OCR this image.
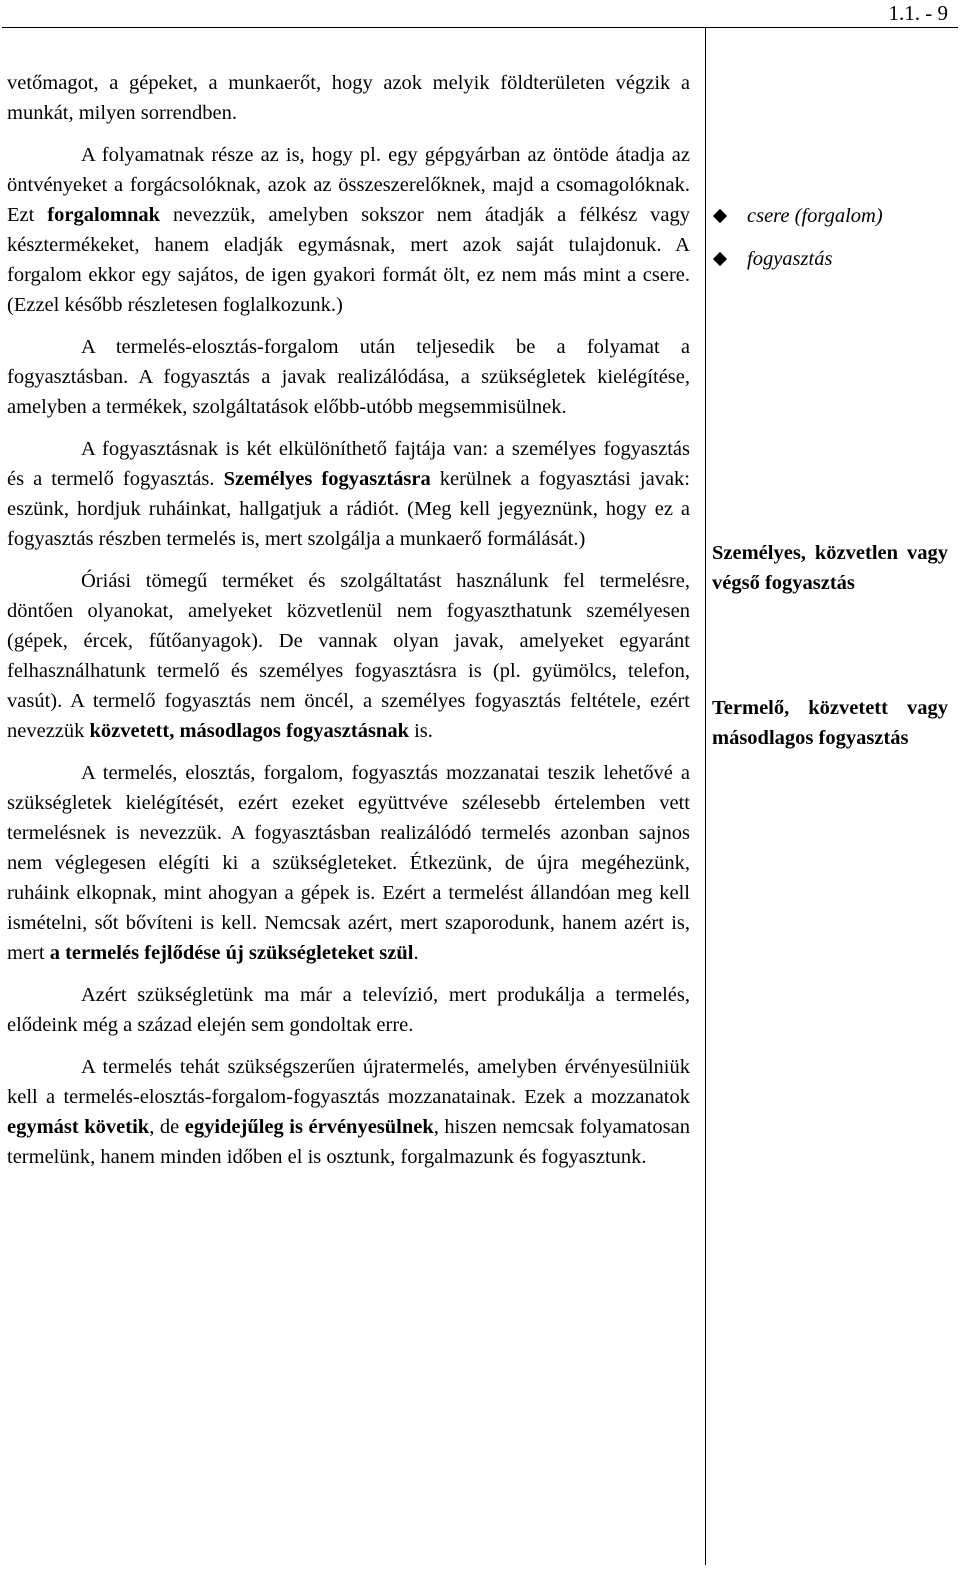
1.1. - 9

vetőmagot, a gépeket, a munkaerőt, hogy azok melyik földterületen végzik a munkát, milyen sorrendben.

A folyamatnak része az is, hogy pl. egy gépgyárban az öntöde átadja az öntvényeket a forgácsolóknak, azok az összeszerelőknek, majd a csomagolóknak. Ezt forgalomnak nevezzük, amelyben sokszor nem átadják a félkész vagy késztermékeket, hanem eladják egymásnak, mert azok saját tulajdonuk. A forgalom ekkor egy sajátos, de igen gyakori formát ölt, ez nem más mint a csere. (Ezzel később részletesen foglalkozunk.)

A termelés-elosztás-forgalom után teljesedik be a folyamat a fogyasztásban. A fogyasztás a javak realizálódása, a szükségletek kielégítése, amelyben a termékek, szolgáltatások előbb-utóbb megsemmisülnek.

A fogyasztásnak is két elkülöníthető fajtája van: a személyes fogyasztás és a termelő fogyasztás. Személyes fogyasztásra kerülnek a fogyasztási javak: eszünk, hordjuk ruháinkat, hallgatjuk a rádiót. (Meg kell jegyeznünk, hogy ez a fogyasztás részben termelés is, mert szolgálja a munkaerő formálását.)

Óriási tömegű terméket és szolgáltatást használunk fel termelésre, döntően olyanokat, amelyeket közvetlenül nem fogyaszthatunk személyesen (gépek, ércek, fűtőanyagok). De vannak olyan javak, amelyeket egyaránt felhasználhatunk termelő és személyes fogyasztásra is (pl. gyümölcs, telefon, vasút). A termelő fogyasztás nem öncél, a személyes fogyasztás feltétele, ezért nevezzük közvetett, másodlagos fogyasztásnak is.

A termelés, elosztás, forgalom, fogyasztás mozzanatai teszik lehetővé a szükségletek kielégítését, ezért ezeket együttvéve szélesebb értelemben vett termelésnek is nevezzük. A fogyasztásban realizálódó termelés azonban sajnos nem véglegesen elégíti ki a szükségleteket. Étkezünk, de újra megéhezünk, ruháink elkopnak, mint ahogyan a gépek is. Ezért a termelést állandóan meg kell ismételni, sőt bővíteni is kell. Nemcsak azért, mert szaporodunk, hanem azért is, mert a termelés fejlődése új szükségleteket szül.

Azért szükségletünk ma már a televízió, mert produkálja a termelés, elődeink még a század elején sem gondoltak erre.

A termelés tehát szükségszerűen újratermelés, amelyben érvényesülniük kell a termelés-elosztás-forgalom-fogyasztás mozzanatainak. Ezek a mozzanatok egymást követik, de egyidejűleg is érvényesülnek, hiszen nemcsak folyamatosan termelünk, hanem minden időben el is osztunk, forgalmazunk és fogyasztunk.

csere (forgalom)
fogyasztás
Személyes, közvetlen vagy végső fogyasztás
Termelő, közvetett vagy másodlagos fogyasztás
